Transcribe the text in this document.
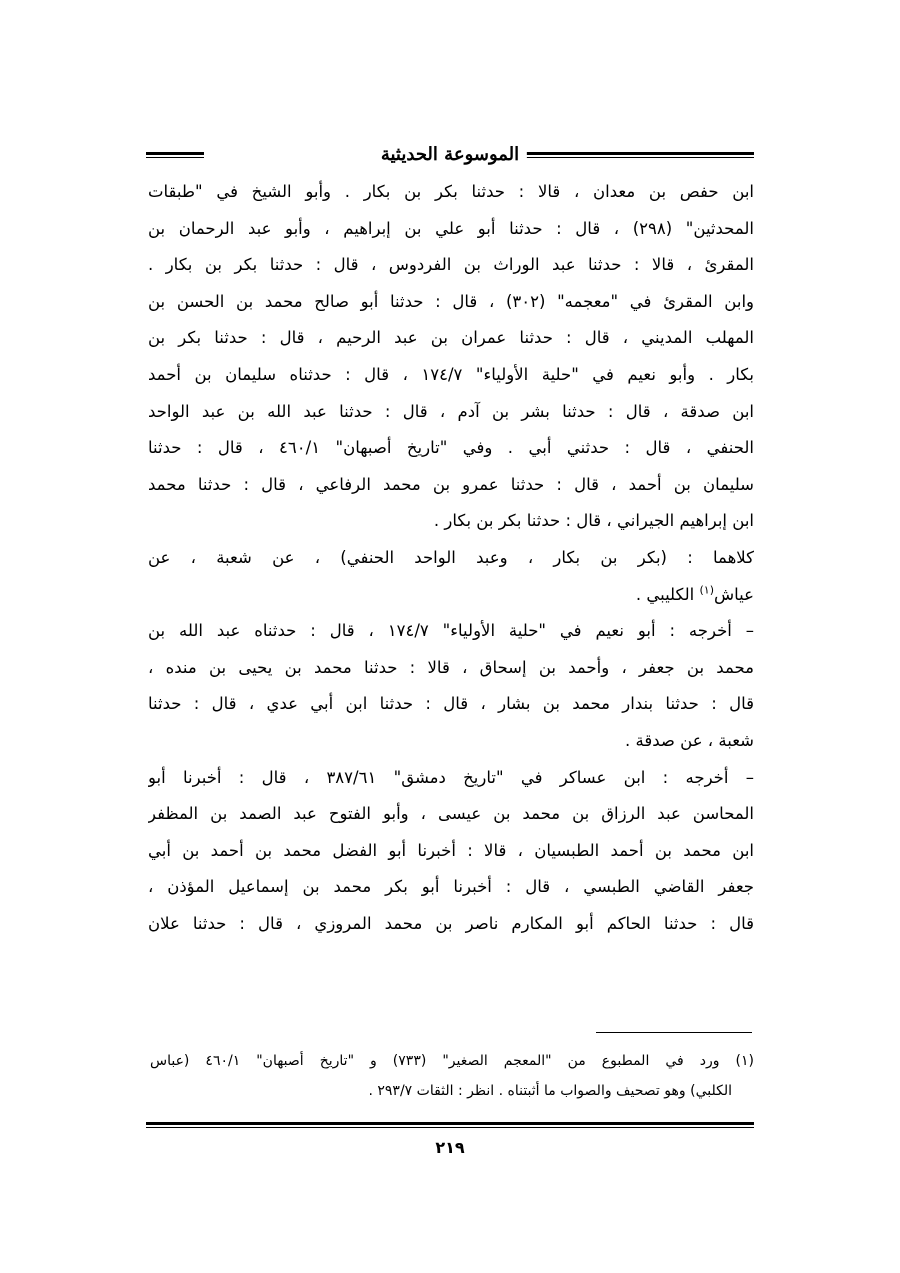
الموسوعة الحديثية
ابن حفص بن معدان ، قالا : حدثنا بكر بن بكار . وأبو الشيخ في "طبقات
المحدثين" (٢٩٨) ، قال : حدثنا أبو علي بن إبراهيم ، وأبو عبد الرحمان بن
المقرئ ، قالا : حدثنا عبد الوراث بن الفردوس ، قال : حدثنا بكر بن بكار .
وابن المقرئ في "معجمه" (٣٠٢) ، قال : حدثنا أبو صالح محمد بن الحسن بن
المهلب المديني ، قال : حدثنا عمران بن عبد الرحيم ، قال : حدثنا بكر بن
بكار . وأبو نعيم في "حلية الأولياء" ١٧٤/٧ ، قال : حدثناه سليمان بن أحمد
ابن صدقة ، قال : حدثنا بشر بن آدم ، قال : حدثنا عبد الله بن عبد الواحد
الحنفي ، قال : حدثني أبي . وفي "تاريخ أصبهان" ٤٦٠/١ ، قال : حدثنا
سليمان بن أحمد ، قال : حدثنا عمرو بن محمد الرفاعي ، قال : حدثنا محمد
ابن إبراهيم الجيراني ، قال : حدثنا بكر بن بكار .
كلاهما : (بكر بن بكار ، وعبد الواحد الحنفي) ، عن شعبة ، عن
عياش$^{(١)}$ الكليبي .
– أخرجه : أبو نعيم في "حلية الأولياء" ١٧٤/٧ ، قال : حدثناه عبد الله بن
محمد بن جعفر ، وأحمد بن إسحاق ، قالا : حدثنا محمد بن يحيى بن منده ،
قال : حدثنا بندار محمد بن بشار ، قال : حدثنا ابن أبي عدي ، قال : حدثنا
شعبة ، عن صدقة .
– أخرجه : ابن عساكر في "تاريخ دمشق" ٣٨٧/٦١ ، قال : أخبرنا أبو
المحاسن عبد الرزاق بن محمد بن عيسى ، وأبو الفتوح عبد الصمد بن المظفر
ابن محمد بن أحمد الطبسيان ، قالا : أخبرنا أبو الفضل محمد بن أحمد بن أبي
جعفر القاضي الطبسي ، قال : أخبرنا أبو بكر محمد بن إسماعيل المؤذن ،
قال : حدثنا الحاكم أبو المكارم ناصر بن محمد المروزي ، قال : حدثنا علان
(١) ورد في المطبوع من "المعجم الصغير" (٧٣٣) و "تاريخ أصبهان" ٤٦٠/١ (عباس
الكلبي) وهو تصحيف والصواب ما أثبتناه . انظر : الثقات ٢٩٣/٧ .
٢١٩
